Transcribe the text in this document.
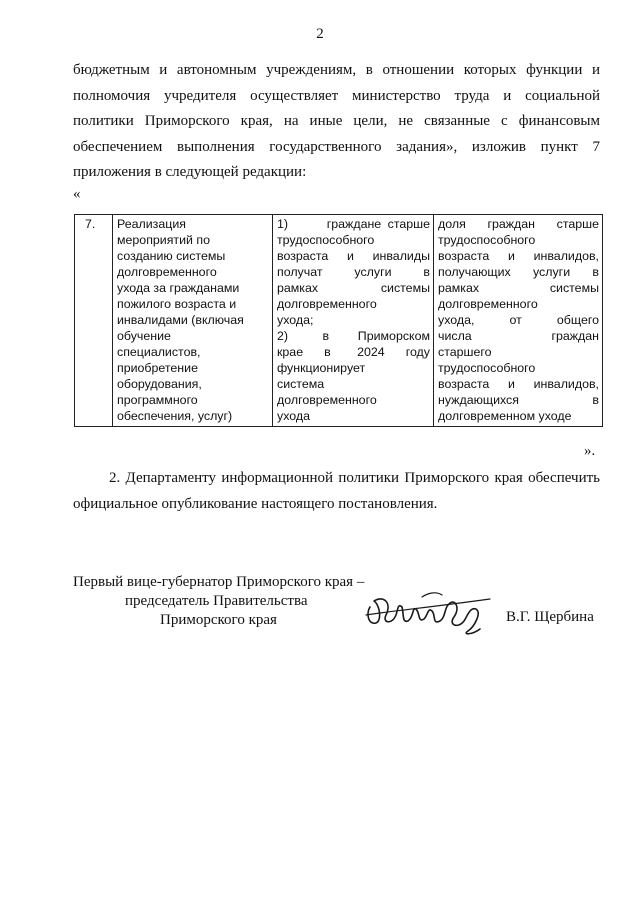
2

бюджетным и автономным учреждениям, в отношении которых функции и полномочия учредителя осуществляет министерство труда и социальной политики Приморского края, на иные цели, не связанные с финансовым обеспечением выполнения государственного задания», изложив пункт 7 приложения в следующей редакции:

«
7.	Реализация
мероприятий по
созданию системы
долговременного
ухода за гражданами
пожилого возраста и
инвалидами (включая
обучение
специалистов,
приобретение
оборудования,
программного
обеспечения, услуг)

1)      граждане старше
трудоспособного
возраста и инвалиды
получат    услуги    в
рамках         системы
долговременного
ухода;
2)      в     Приморском
крае    в     2024    году
функционирует
система
долговременного
ухода

доля граждан старше
трудоспособного
возраста и инвалидов,
получающих услуги в
рамках         системы
долговременного
ухода,     от     общего
числа            граждан
старшего
трудоспособного
возраста и инвалидов,
нуждающихся         в
долговременном уходе
».

2. Департаменту информационной политики Приморского края обеспечить официальное опубликование настоящего постановления.

Первый вице-губернатор Приморского края –
председатель Правительства
Приморского края	В.Г. Щербина
